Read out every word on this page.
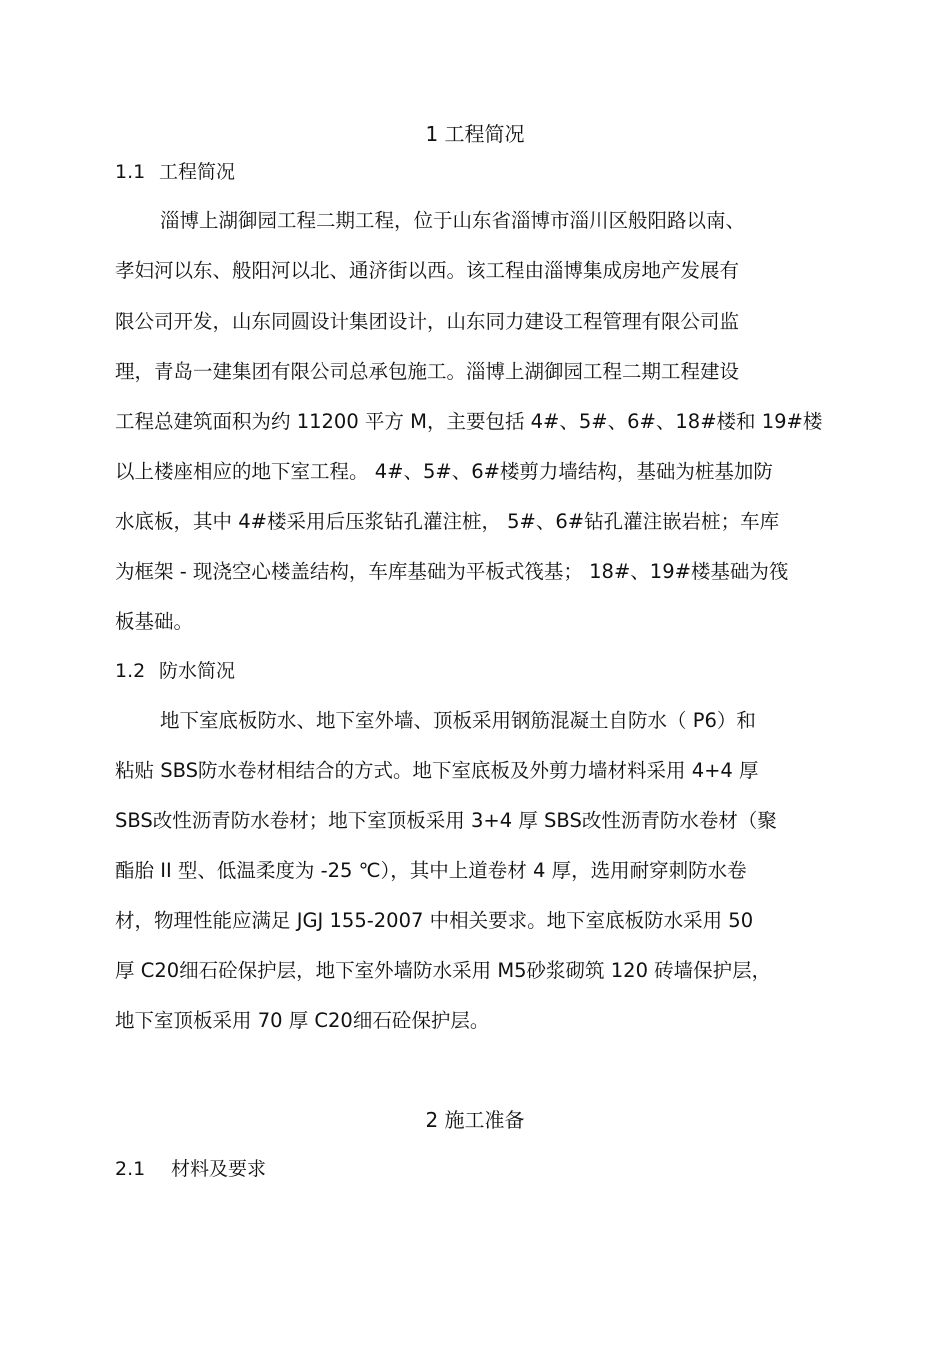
1 工程简况
1.1 工程简况
淄博上湖御园工程二期工程，位于山东省淄博市淄川区般阳路以南、
孝妇河以东、般阳河以北、通济街以西。该工程由淄博集成房地产发展有
限公司开发，山东同圆设计集团设计，山东同力建设工程管理有限公司监
理，青岛一建集团有限公司总承包施工。淄博上湖御园工程二期工程建设
工程总建筑面积为约 11200 平方 M，主要包括 4#、5#、6#、18#楼和 19#楼
以上楼座相应的地下室工程。 4#、5#、6#楼剪力墙结构，基础为桩基加防
水底板，其中 4#楼采用后压浆钻孔灌注桩， 5#、6#钻孔灌注嵌岩桩；车库
为框架 - 现浇空心楼盖结构，车库基础为平板式筏基； 18#、19#楼基础为筏
板基础。
1.2 防水简况
地下室底板防水、地下室外墙、顶板采用钢筋混凝土自防水（ P6）和
粘贴 SBS防水卷材相结合的方式。地下室底板及外剪力墙材料采用 4+4 厚
SBS改性沥青防水卷材；地下室顶板采用 3+4 厚 SBS改性沥青防水卷材（聚
酯胎 II 型、低温柔度为 -25 ℃），其中上道卷材 4 厚，选用耐穿刺防水卷
材，物理性能应满足 JGJ 155-2007 中相关要求。地下室底板防水采用 50
厚 C20细石砼保护层，地下室外墙防水采用 M5砂浆砌筑 120 砖墙保护层，
地下室顶板采用 70 厚 C20细石砼保护层。
2 施工准备
2.1 材料及要求
